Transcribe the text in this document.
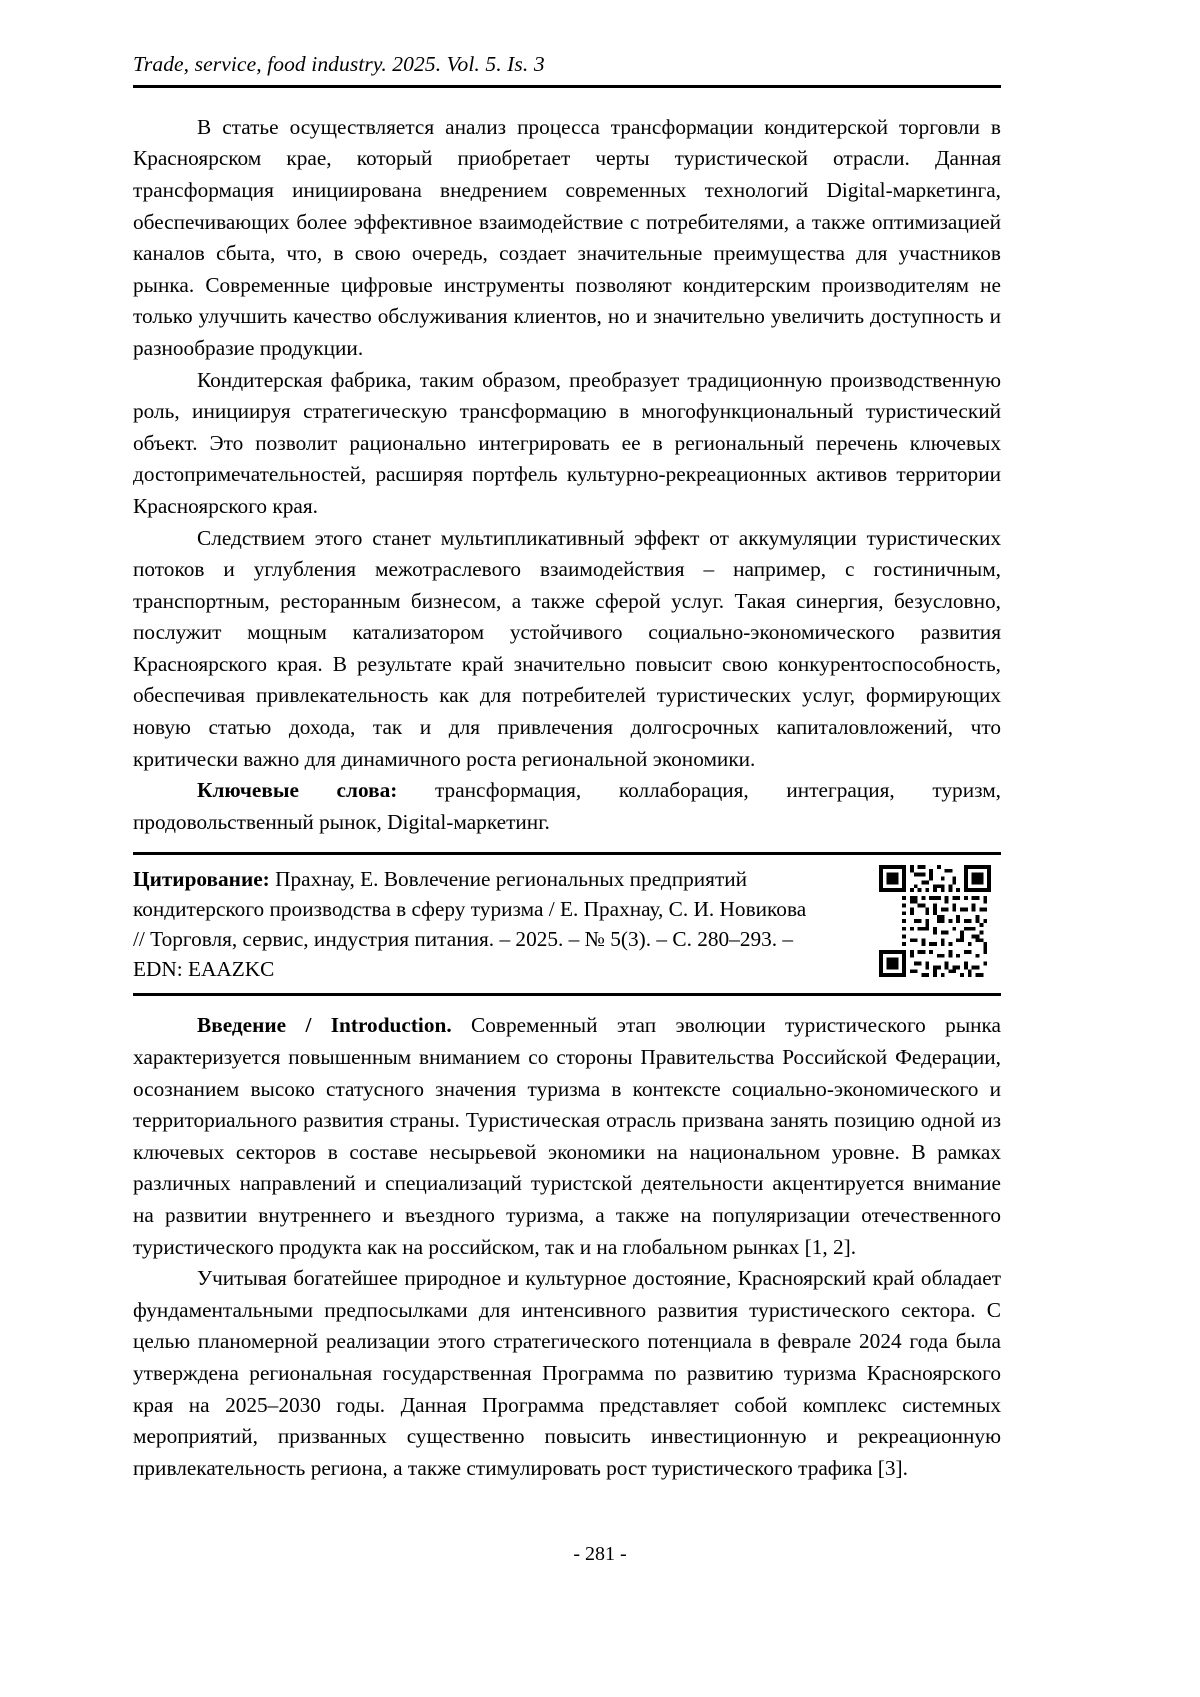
Trade, service, food industry. 2025. Vol. 5. Is. 3

В статье осуществляется анализ процесса трансформации кондитерской торговли в Красноярском крае, который приобретает черты туристической отрасли. Данная трансформация инициирована внедрением современных технологий Digital-маркетинга, обеспечивающих более эффективное взаимодействие с потребителями, а также оптимизацией каналов сбыта, что, в свою очередь, создает значительные преимущества для участников рынка. Современные цифровые инструменты позволяют кондитерским производителям не только улучшить качество обслуживания клиентов, но и значительно увеличить доступность и разнообразие продукции.

Кондитерская фабрика, таким образом, преобразует традиционную производственную роль, инициируя стратегическую трансформацию в многофункциональный туристический объект. Это позволит рационально интегрировать ее в региональный перечень ключевых достопримечательностей, расширяя портфель культурно-рекреационных активов территории Красноярского края.

Следствием этого станет мультипликативный эффект от аккумуляции туристических потоков и углубления межотраслевого взаимодействия – например, с гостиничным, транспортным, ресторанным бизнесом, а также сферой услуг. Такая синергия, безусловно, послужит мощным катализатором устойчивого социально-экономического развития Красноярского края. В результате край значительно повысит свою конкурентоспособность, обеспечивая привлекательность как для потребителей туристических услуг, формирующих новую статью дохода, так и для привлечения долгосрочных капиталовложений, что критически важно для динамичного роста региональной экономики.

Ключевые слова: трансформация, коллаборация, интеграция, туризм, продовольственный рынок, Digital-маркетинг.

Цитирование: Прахнау, Е. Вовлечение региональных предприятий кондитерского производства в сферу туризма / Е. Прахнау, С. И. Новикова // Торговля, сервис, индустрия питания. – 2025. – № 5(3). – С. 280–293. – EDN: EAAZKC

Введение / Introduction. Современный этап эволюции туристического рынка характеризуется повышенным вниманием со стороны Правительства Российской Федерации, осознанием высоко статусного значения туризма в контексте социально-экономического и территориального развития страны. Туристическая отрасль призвана занять позицию одной из ключевых секторов в составе несырьевой экономики на национальном уровне. В рамках различных направлений и специализаций туристской деятельности акцентируется внимание на развитии внутреннего и въездного туризма, а также на популяризации отечественного туристического продукта как на российском, так и на глобальном рынках [1, 2].

Учитывая богатейшее природное и культурное достояние, Красноярский край обладает фундаментальными предпосылками для интенсивного развития туристического сектора. С целью планомерной реализации этого стратегического потенциала в феврале 2024 года была утверждена региональная государственная Программа по развитию туризма Красноярского края на 2025–2030 годы. Данная Программа представляет собой комплекс системных мероприятий, призванных существенно повысить инвестиционную и рекреационную привлекательность региона, а также стимулировать рост туристического трафика [3].

- 281 -
